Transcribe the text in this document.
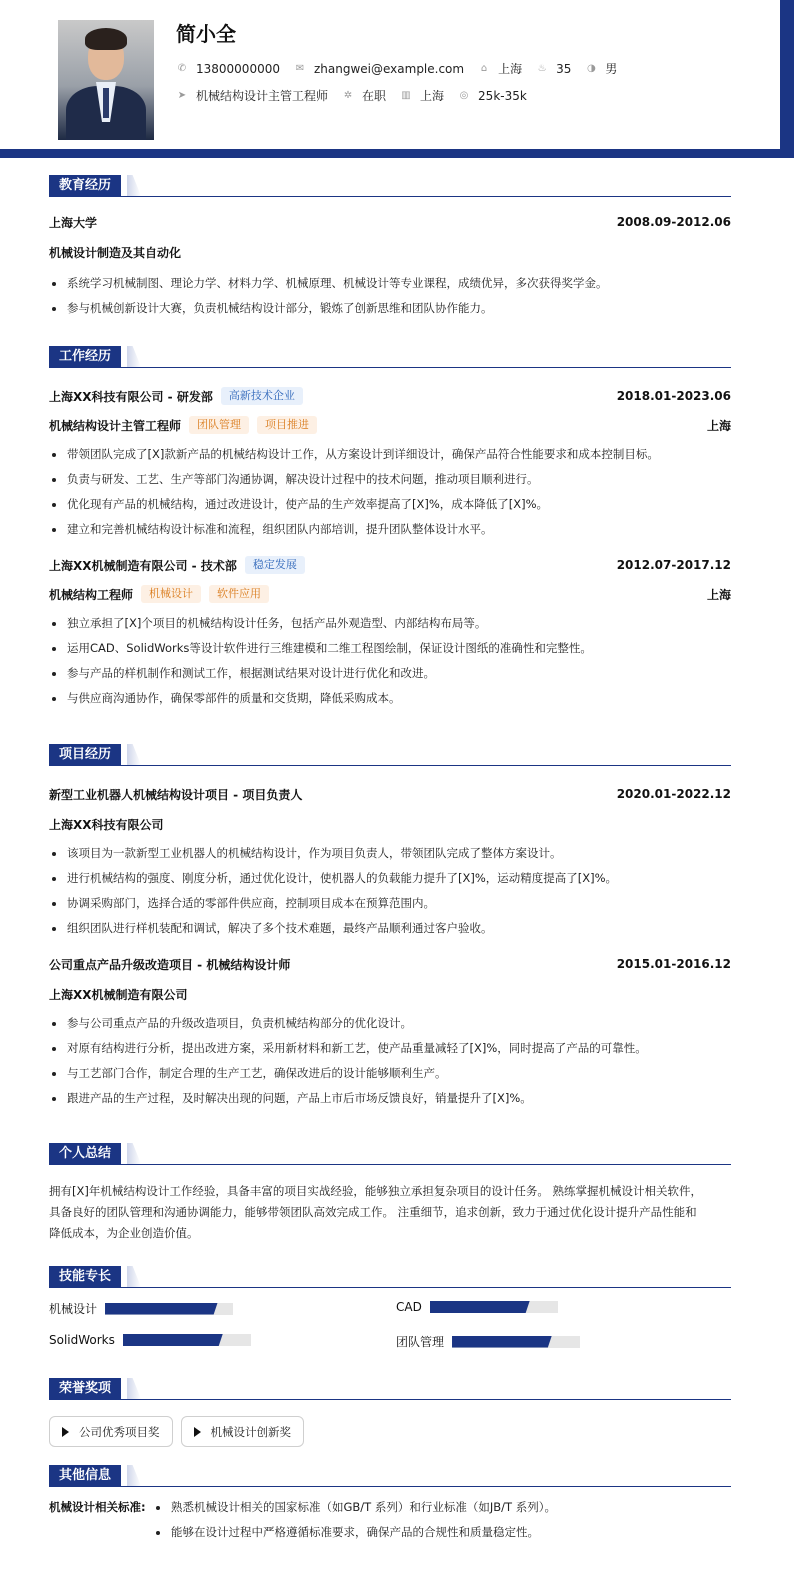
简小全
✆ 13800000000 ✉ zhangwei@example.com ⌂ 上海 ♨ 35 ◑ 男
➤ 机械结构设计主管工程师 ✲ 在职 ▥ 上海 ◎ 25k-35k
教育经历
上海大学	2008.09-2012.06
机械设计制造及其自动化
系统学习机械制图、理论力学、材料力学、机械原理、机械设计等专业课程，成绩优异，多次获得奖学金。
参与机械创新设计大赛，负责机械结构设计部分，锻炼了创新思维和团队协作能力。
工作经历
上海XX科技有限公司 - 研发部	高新技术企业	2018.01-2023.06
机械结构设计主管工程师	团队管理	项目推进	上海
带领团队完成了[X]款新产品的机械结构设计工作，从方案设计到详细设计，确保产品符合性能要求和成本控制目标。
负责与研发、工艺、生产等部门沟通协调，解决设计过程中的技术问题，推动项目顺利进行。
优化现有产品的机械结构，通过改进设计，使产品的生产效率提高了[X]%，成本降低了[X]%。
建立和完善机械结构设计标准和流程，组织团队内部培训，提升团队整体设计水平。
上海XX机械制造有限公司 - 技术部	稳定发展	2012.07-2017.12
机械结构工程师	机械设计	软件应用	上海
独立承担了[X]个项目的机械结构设计任务，包括产品外观造型、内部结构布局等。
运用CAD、SolidWorks等设计软件进行三维建模和二维工程图绘制，保证设计图纸的准确性和完整性。
参与产品的样机制作和测试工作，根据测试结果对设计进行优化和改进。
与供应商沟通协作，确保零部件的质量和交货期，降低采购成本。
项目经历
新型工业机器人机械结构设计项目 - 项目负责人	2020.01-2022.12
上海XX科技有限公司
该项目为一款新型工业机器人的机械结构设计，作为项目负责人，带领团队完成了整体方案设计。
进行机械结构的强度、刚度分析，通过优化设计，使机器人的负载能力提升了[X]%，运动精度提高了[X]%。
协调采购部门，选择合适的零部件供应商，控制项目成本在预算范围内。
组织团队进行样机装配和调试，解决了多个技术难题，最终产品顺利通过客户验收。
公司重点产品升级改造项目 - 机械结构设计师	2015.01-2016.12
上海XX机械制造有限公司
参与公司重点产品的升级改造项目，负责机械结构部分的优化设计。
对原有结构进行分析，提出改进方案，采用新材料和新工艺，使产品重量减轻了[X]%，同时提高了产品的可靠性。
与工艺部门合作，制定合理的生产工艺，确保改进后的设计能够顺利生产。
跟进产品的生产过程，及时解决出现的问题，产品上市后市场反馈良好，销量提升了[X]%。
个人总结
拥有[X]年机械结构设计工作经验，具备丰富的项目实战经验，能够独立承担复杂项目的设计任务。 熟练掌握机械设计相关软件，
具备良好的团队管理和沟通协调能力，能够带领团队高效完成工作。 注重细节，追求创新，致力于通过优化设计提升产品性能和
降低成本，为企业创造价值。
技能专长
机械设计	CAD
SolidWorks	团队管理
荣誉奖项
公司优秀项目奖	机械设计创新奖
其他信息
机械设计相关标准:	熟悉机械设计相关的国家标准（如GB/T 系列）和行业标准（如JB/T 系列）。
能够在设计过程中严格遵循标准要求，确保产品的合规性和质量稳定性。
